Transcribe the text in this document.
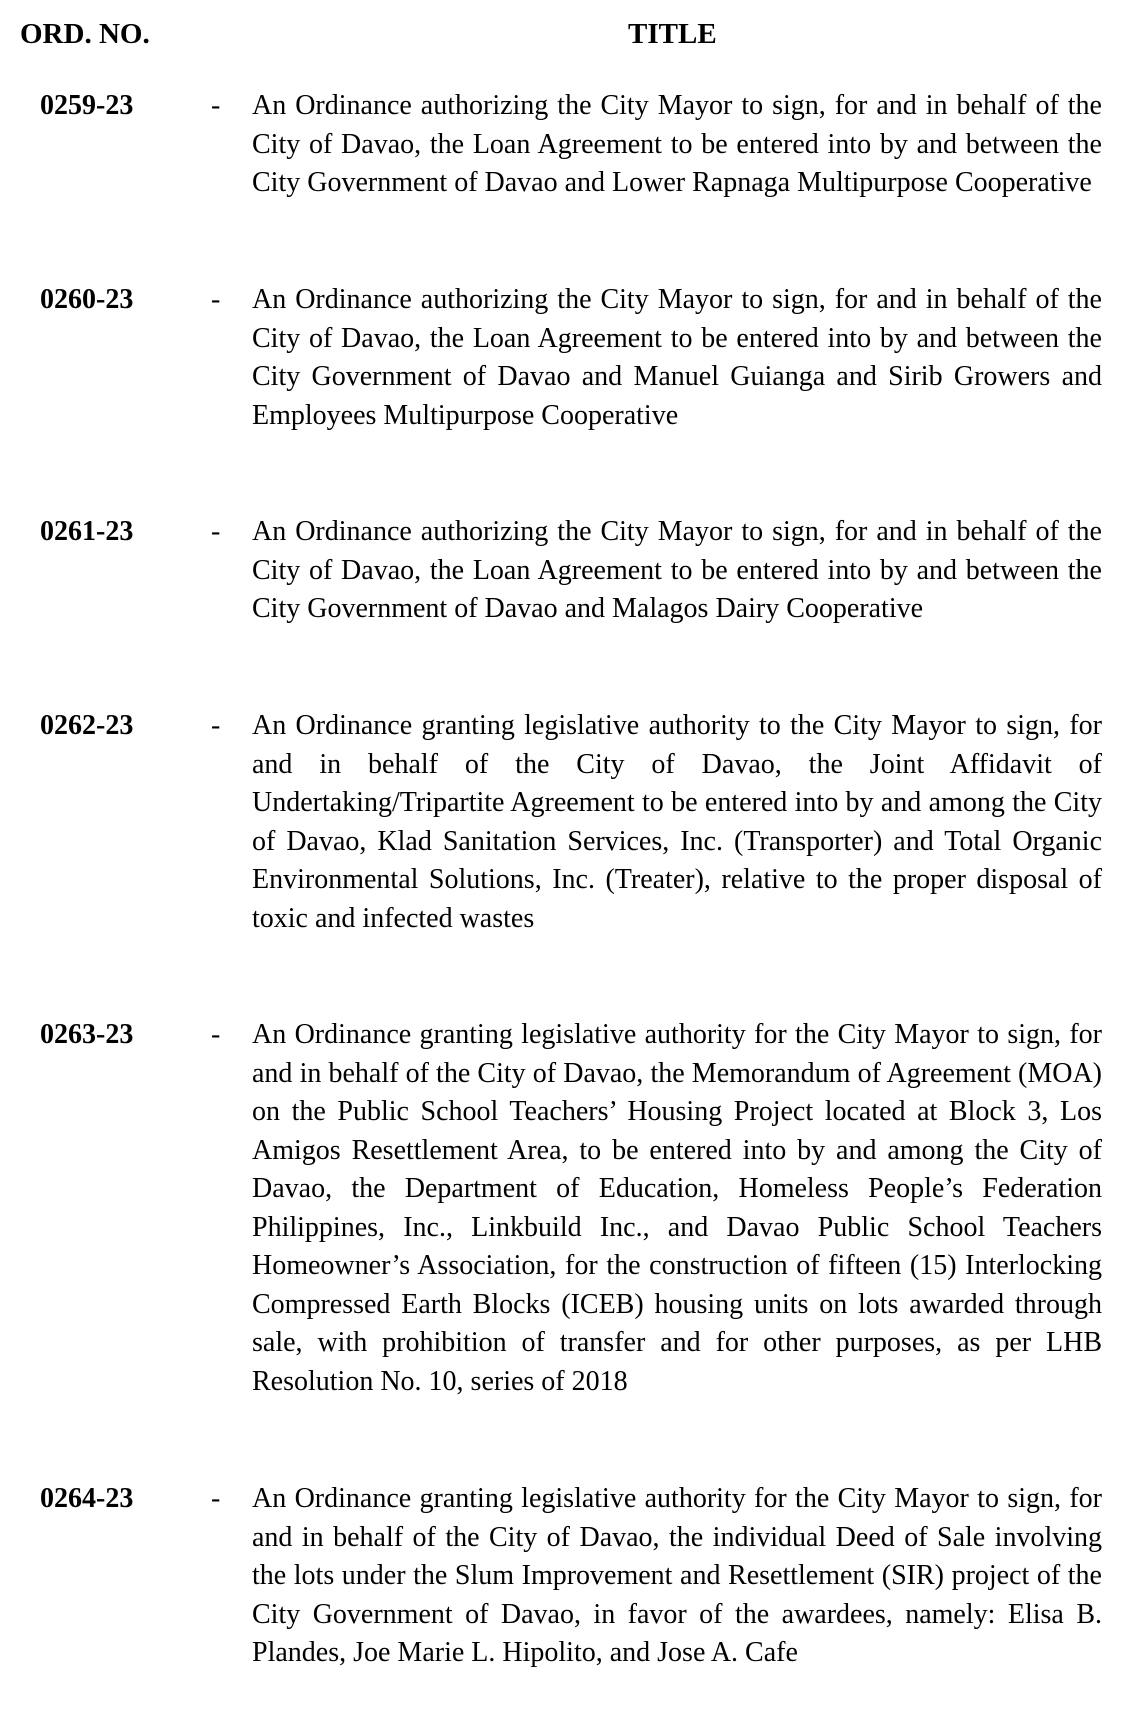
ORD. NO.	TITLE
0259-23	- An Ordinance authorizing the City Mayor to sign, for and in behalf of the City of Davao, the Loan Agreement to be entered into by and between the City Government of Davao and Lower Rapnaga Multipurpose Cooperative

0260-23	- An Ordinance authorizing the City Mayor to sign, for and in behalf of the City of Davao, the Loan Agreement to be entered into by and between the City Government of Davao and Manuel Guianga and Sirib Growers and Employees Multipurpose Cooperative

0261-23	- An Ordinance authorizing the City Mayor to sign, for and in behalf of the City of Davao, the Loan Agreement to be entered into by and between the City Government of Davao and Malagos Dairy Cooperative

0262-23	- An Ordinance granting legislative authority to the City Mayor to sign, for and in behalf of the City of Davao, the Joint Affidavit of Undertaking/Tripartite Agreement to be entered into by and among the City of Davao, Klad Sanitation Services, Inc. (Transporter) and Total Organic Environmental Solutions, Inc. (Treater), relative to the proper disposal of toxic and infected wastes

0263-23	- An Ordinance granting legislative authority for the City Mayor to sign, for and in behalf of the City of Davao, the Memorandum of Agreement (MOA) on the Public School Teachers’ Housing Project located at Block 3, Los Amigos Resettlement Area, to be entered into by and among the City of Davao, the Department of Education, Homeless People’s Federation Philippines, Inc., Linkbuild Inc., and Davao Public School Teachers Homeowner’s Association, for the construction of fifteen (15) Interlocking Compressed Earth Blocks (ICEB) housing units on lots awarded through sale, with prohibition of transfer and for other purposes, as per LHB Resolution No. 10, series of 2018

0264-23	- An Ordinance granting legislative authority for the City Mayor to sign, for and in behalf of the City of Davao, the individual Deed of Sale involving the lots under the Slum Improvement and Resettlement (SIR) project of the City Government of Davao, in favor of the awardees, namely: Elisa B. Plandes, Joe Marie L. Hipolito, and Jose A. Cafe
